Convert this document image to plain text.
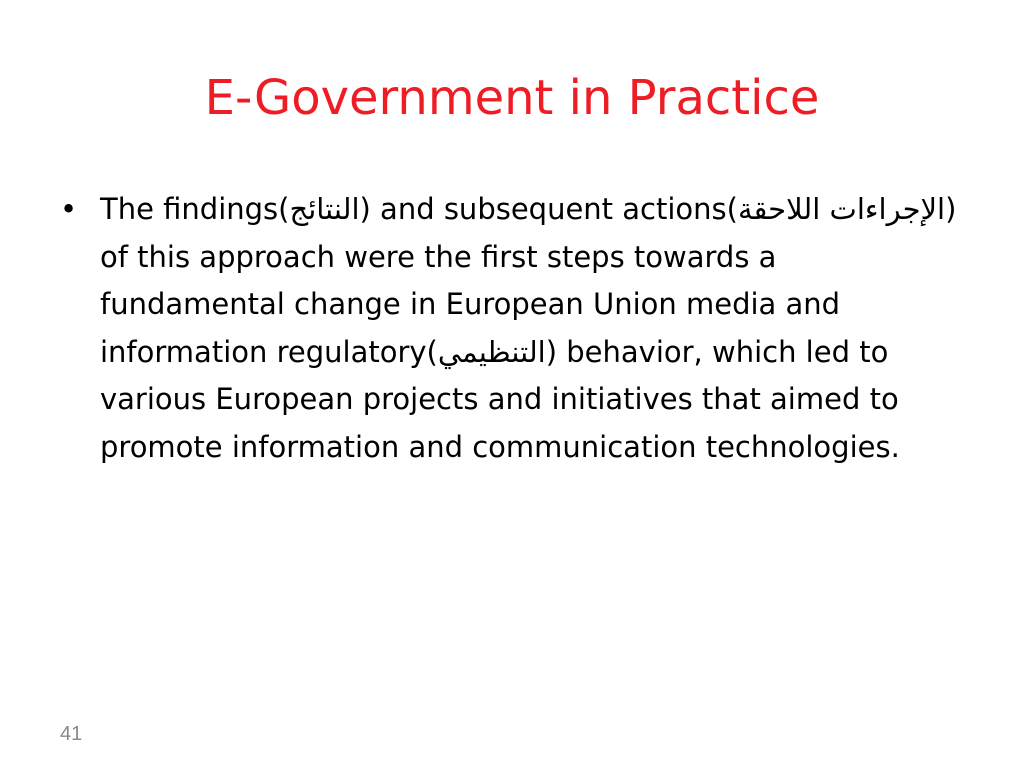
E-Government in Practice
• The findings(النتائج) and subsequent actions(الإجراءات اللاحقة) of this approach were the first steps towards a fundamental change in European Union media and information regulatory(التنظيمي) behavior, which led to various European projects and initiatives that aimed to promote information and communication technologies.
41
